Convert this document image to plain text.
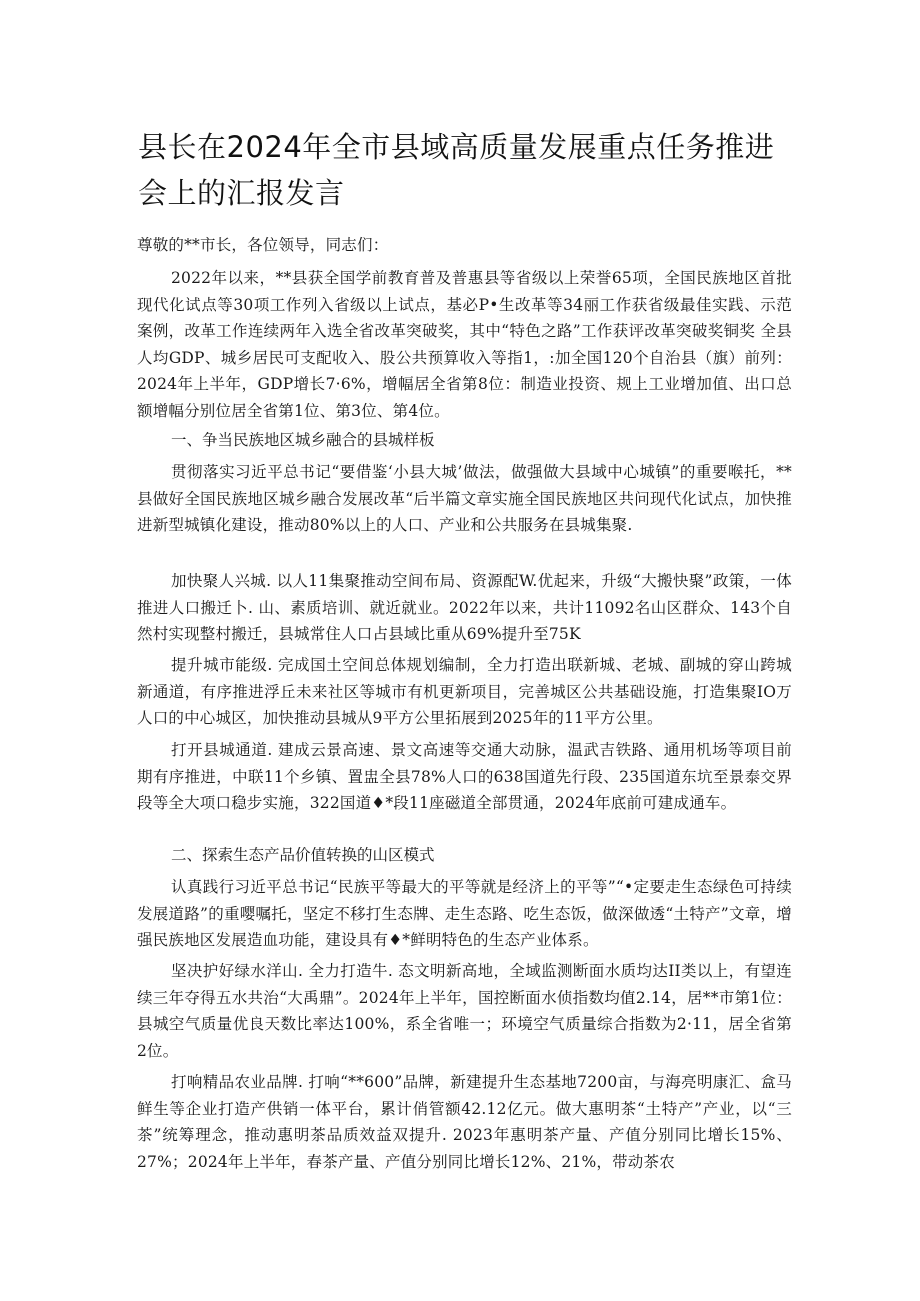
县长在2024年全市县域高质量发展重点任务推进会上的汇报发言

尊敬的**市长，各位领导，同志们：

2022年以来，**县获全国学前教育普及普惠县等省级以上荣誉65项，全国民族地区首批现代化试点等30项工作列入省级以上试点，基必P•生改革等34丽工作获省级最佳实践、示范案例，改革工作连续两年入选全省改革突破奖，其中“特色之路”工作获评改革突破奖铜奖 全县人均GDP、城乡居民可支配收入、股公共预算收入等指1，:加全国120个自治县（旗）前列：2024年上半年，GDP增长7·6%，增幅居全省第8位：制造业投资、规上工业增加值、出口总额增幅分别位居全省第1位、第3位、第4位。

一、争当民族地区城乡融合的县城样板

贯彻落实习近平总书记“要借鉴‘小县大城’做法，做强做大县域中心城镇”的重要喉托，**县做好全国民族地区城乡融合发展改革“后半篇文章实施全国民族地区共问现代化试点，加快推进新型城镇化建设，推动80%以上的人口、产业和公共服务在县城集聚.

加快聚人兴城. 以人11集聚推动空间布局、资源配W.优起来，升级“大搬快聚”政策，一体推进人口搬迁卜. 山、素质培训、就近就业。2022年以来，共计11092名山区群众、143个自然村实现整村搬迁，县城常住人口占县域比重从69%提升至75K

提升城市能级. 完成国土空间总体规划编制，全力打造出联新城、老城、副城的穿山跨城新通道，有序推进浮丘未来社区等城市有机更新项目，完善城区公共基础设施，打造集聚IO万人口的中心城区，加快推动县城从9平方公里拓展到2025年的11平方公里。

打开县城通道. 建成云景高速、景文高速等交通大动脉，温武吉铁路、通用机场等项目前期有序推进，中联11个乡镇、置盅全县78%人口的638国道先行段、235国道东坑至景泰交界段等全大项口稳步实施，322国道♦*段11座磁道全部贯通，2024年底前可建成通车。

二、探索生态产品价值转换的山区模式

认真践行习近平总书记“民族平等最大的平等就是经济上的平等”“•定要走生态绿色可持续发展道路”的重嘤嘱托，坚定不移打生态牌、走生态路、吃生态饭，做深做透“土特产”文章，增强民族地区发展造血功能，建设具有♦*鲜明特色的生态产业体系。

坚决护好绿水洋山. 全力打造牛. 态文明新高地，全域监测断面水质均达II类以上，有望连续三年夺得五水共治“大禹鼎”。2024年上半年，国控断面水侦指数均值2.14，居**市第1位：县城空气质量优良天数比率达100%，系全省唯一；环境空气质量综合指数为2·11，居全省第2位。

打响精品农业品牌. 打响“**600”品牌，新建提升生态基地7200亩，与海亮明康汇、盒马鲜生等企业打造产供销一体平台，累计俏管额42.12亿元。做大惠明茶“土特产”产业，以“三茶”统筹理念，推动惠明茶品质效益双提升. 2023年惠明茶产量、产值分别同比增长15%、27%；2024年上半年，春茶产量、产值分别同比增长12%、21%，带动茶农
